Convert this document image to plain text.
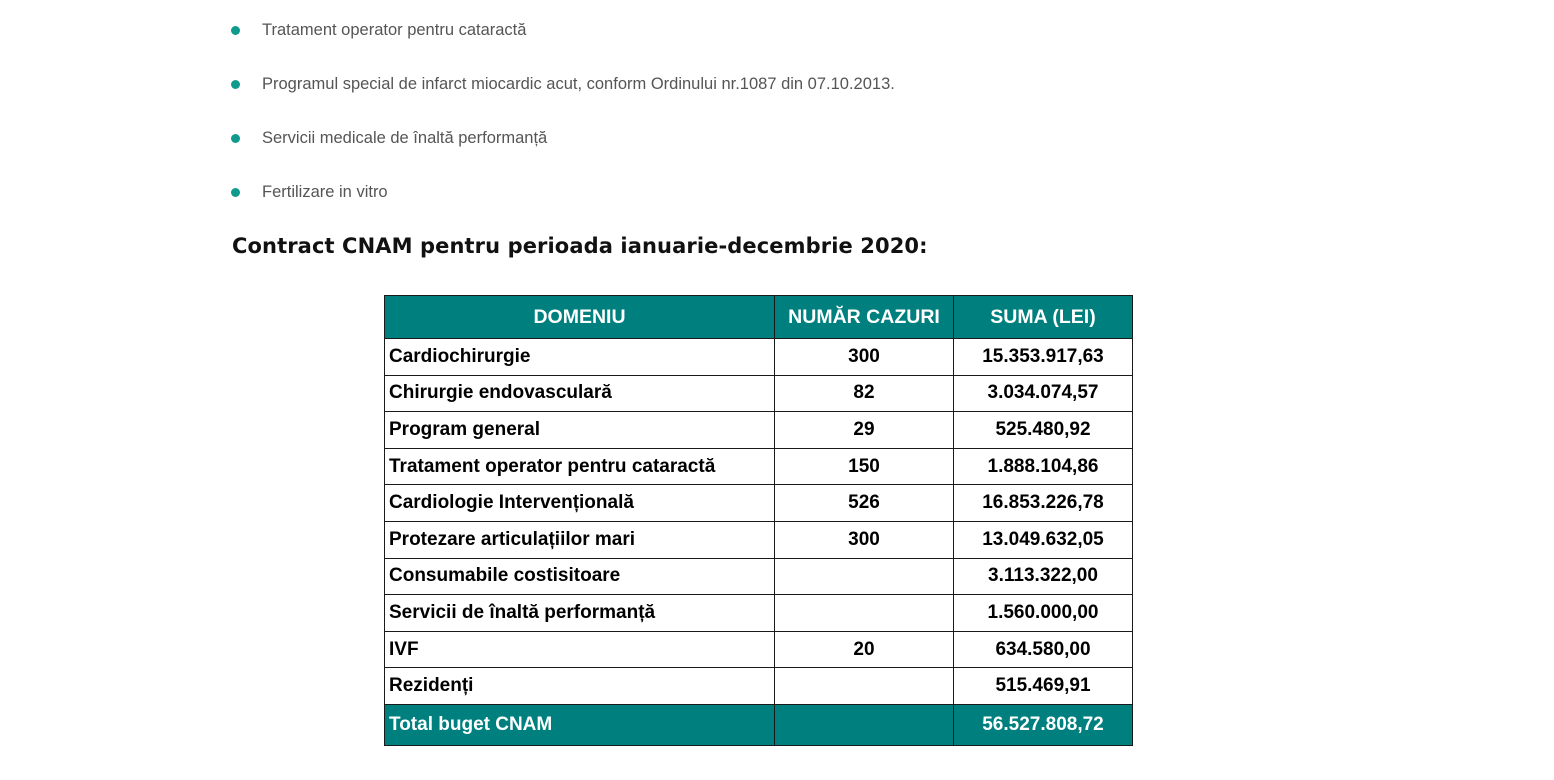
Tratament operator pentru cataractă
Programul special de infarct miocardic acut, conform Ordinului nr.1087 din 07.10.2013.
Servicii medicale de înaltă performanță
Fertilizare in vitro
Contract CNAM pentru perioada ianuarie-decembrie 2020:
DOMENIU	NUMĂR CAZURI	SUMA (LEI)
Cardiochirurgie	300	15.353.917,63
Chirurgie endovasculară	82	3.034.074,57
Program general	29	525.480,92
Tratament operator pentru cataractă	150	1.888.104,86
Cardiologie Intervențională	526	16.853.226,78
Protezare articulațiilor mari	300	13.049.632,05
Consumabile costisitoare		3.113.322,00
Servicii de înaltă performanță		1.560.000,00
IVF	20	634.580,00
Rezidenți		515.469,91
Total buget CNAM		56.527.808,72
